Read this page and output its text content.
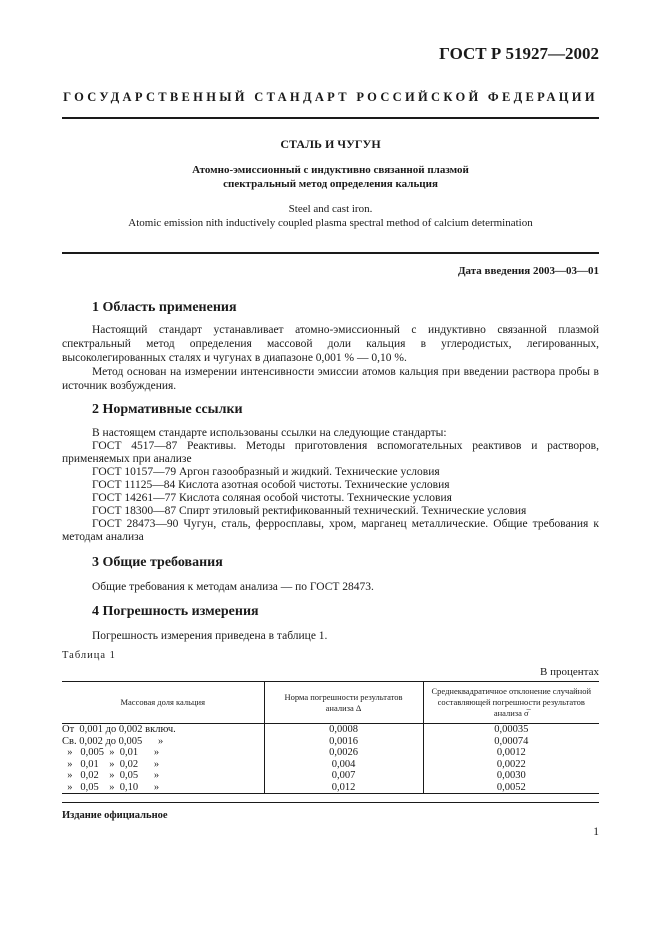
ГОСТ Р 51927—2002
ГОСУДАРСТВЕННЫЙ СТАНДАРТ РОССИЙСКОЙ ФЕДЕРАЦИИ
СТАЛЬ И ЧУГУН
Атомно-эмиссионный с индуктивно связанной плазмой
спектральный метод определения кальция
Steel and cast iron.
Atomic emission nith inductively coupled plasma spectral method of calcium determination
Дата введения 2003—03—01
1 Область применения
Настоящий стандарт устанавливает атомно-эмиссионный с индуктивно связанной плазмой спектральный метод определения массовой доли кальция в углеродистых, легированных, высоколегированных сталях и чугунах в диапазоне 0,001 % — 0,10 %.
Метод основан на измерении интенсивности эмиссии атомов кальция при введении раствора пробы в источник возбуждения.
2 Нормативные ссылки
В настоящем стандарте использованы ссылки на следующие стандарты:
ГОСТ 4517—87 Реактивы. Методы приготовления вспомогательных реактивов и растворов, применяемых при анализе
ГОСТ 10157—79 Аргон газообразный и жидкий. Технические условия
ГОСТ 11125—84 Кислота азотная особой чистоты. Технические условия
ГОСТ 14261—77 Кислота соляная особой чистоты. Технические условия
ГОСТ 18300—87 Спирт этиловый ректификованный технический. Технические условия
ГОСТ 28473—90 Чугун, сталь, ферросплавы, хром, марганец металлические. Общие требования к методам анализа
3 Общие требования
Общие требования к методам анализа — по ГОСТ 28473.
4 Погрешность измерения
Погрешность измерения приведена в таблице 1.
Таблица 1
В процентах
Массовая доля кальция	Норма погрешности результатов анализа Δ	Среднеквадратичное отклонение случайной составляющей погрешности результатов анализа σ̅
От  0,001 до 0,002 включ.	0,0008	0,00035
Св. 0,002 до 0,005      »	0,0016	0,00074
»   0,005  »  0,01      »	0,0026	0,0012
»   0,01    »  0,02      »	0,004	0,0022
»   0,02    »  0,05      »	0,007	0,0030
»   0,05    »  0,10      »	0,012	0,0052
Издание официальное
1
